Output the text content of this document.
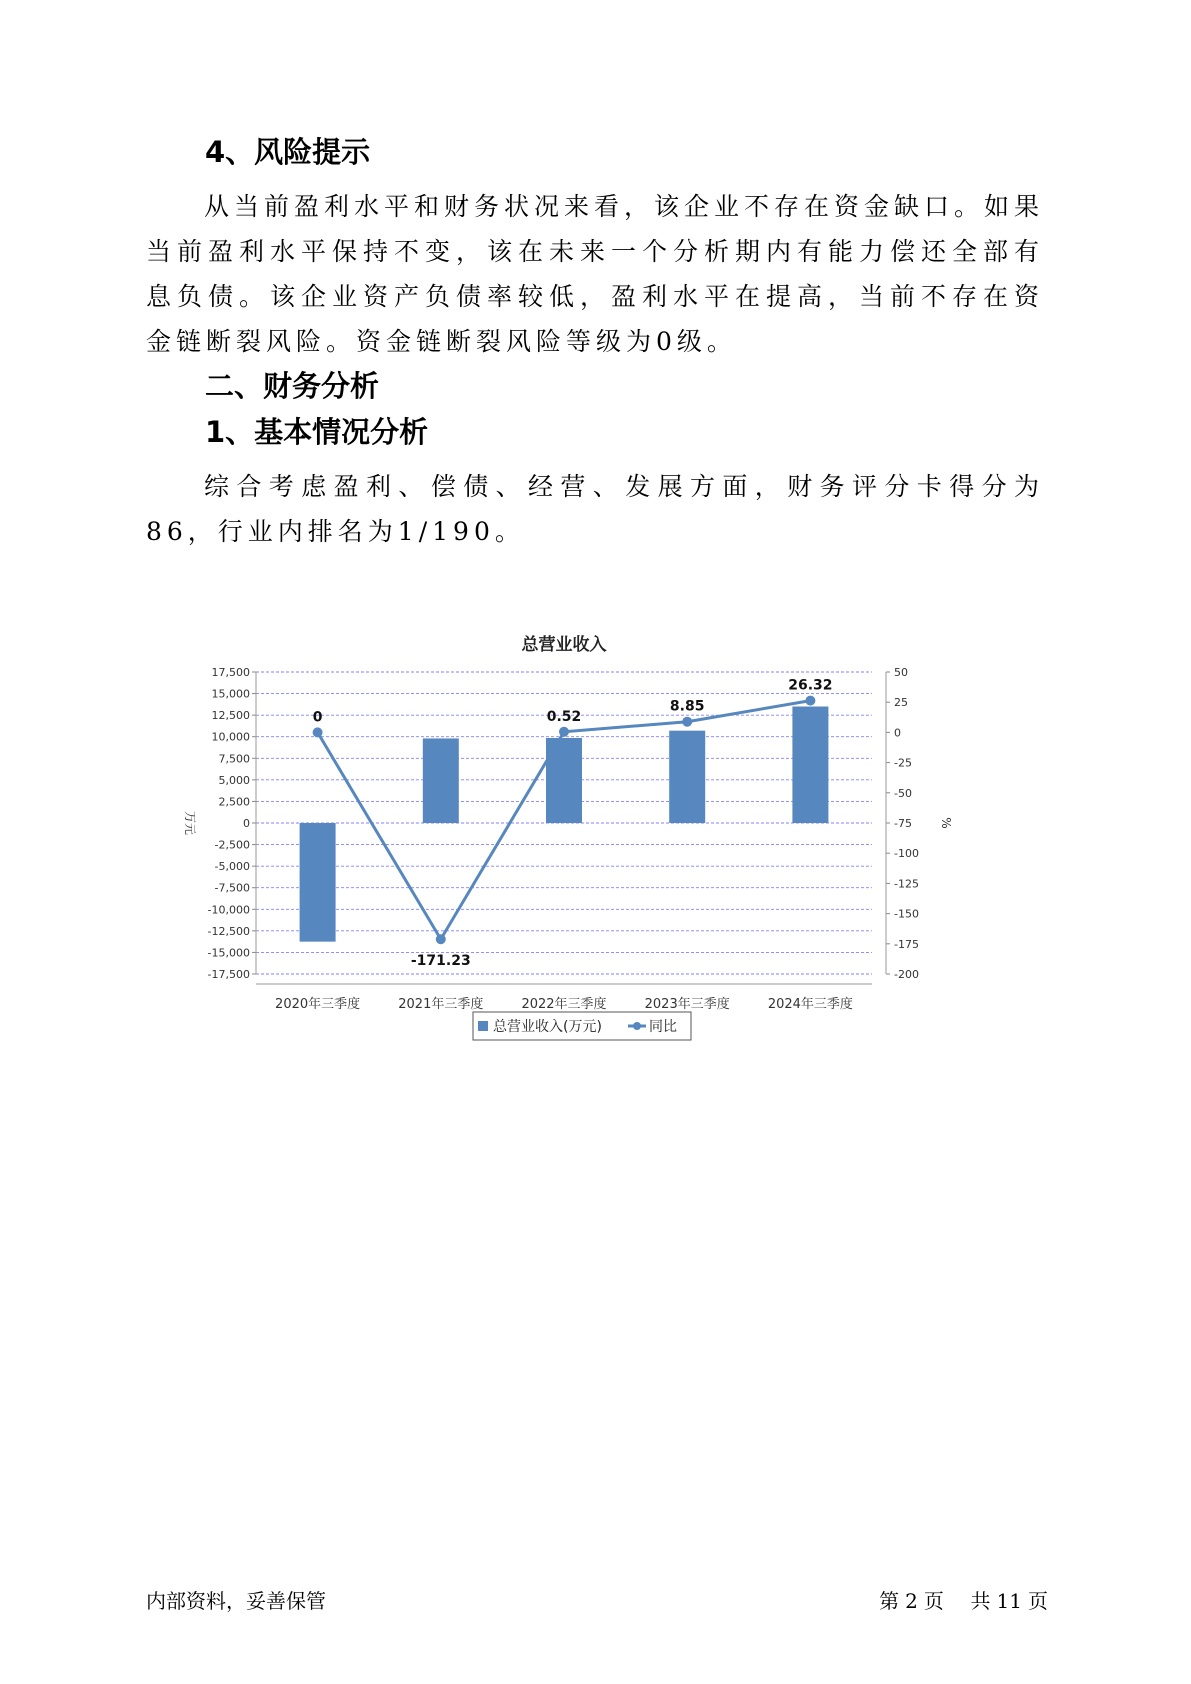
4、风险提示

从当前盈利水平和财务状况来看，该企业不存在资金缺口。如果当前盈利水平保持不变，该在未来一个分析期内有能力偿还全部有息负债。该企业资产负债率较低，盈利水平在提高，当前不存在资金链断裂风险。资金链断裂风险等级为0级。

二、财务分析
1、基本情况分析

综合考虑盈利、偿债、经营、发展方面，财务评分卡得分为86，行业内排名为1/190。

总营业收入
17,500
15,000
12,500
10,000
7,500
5,000
2,500
0
-2,500
-5,000
-7,500
-10,000
-12,500
-15,000
-17,500
50
25
0
-25
-50
-75
-100
-125
-150
-175
-200
万元	%
2020年三季度	2021年三季度	2022年三季度	2023年三季度	2024年三季度
0
-171.23
0.52
8.85
26.32
总营业收入(万元)	同比
内部资料，妥善保管	第 2 页 共 11 页
